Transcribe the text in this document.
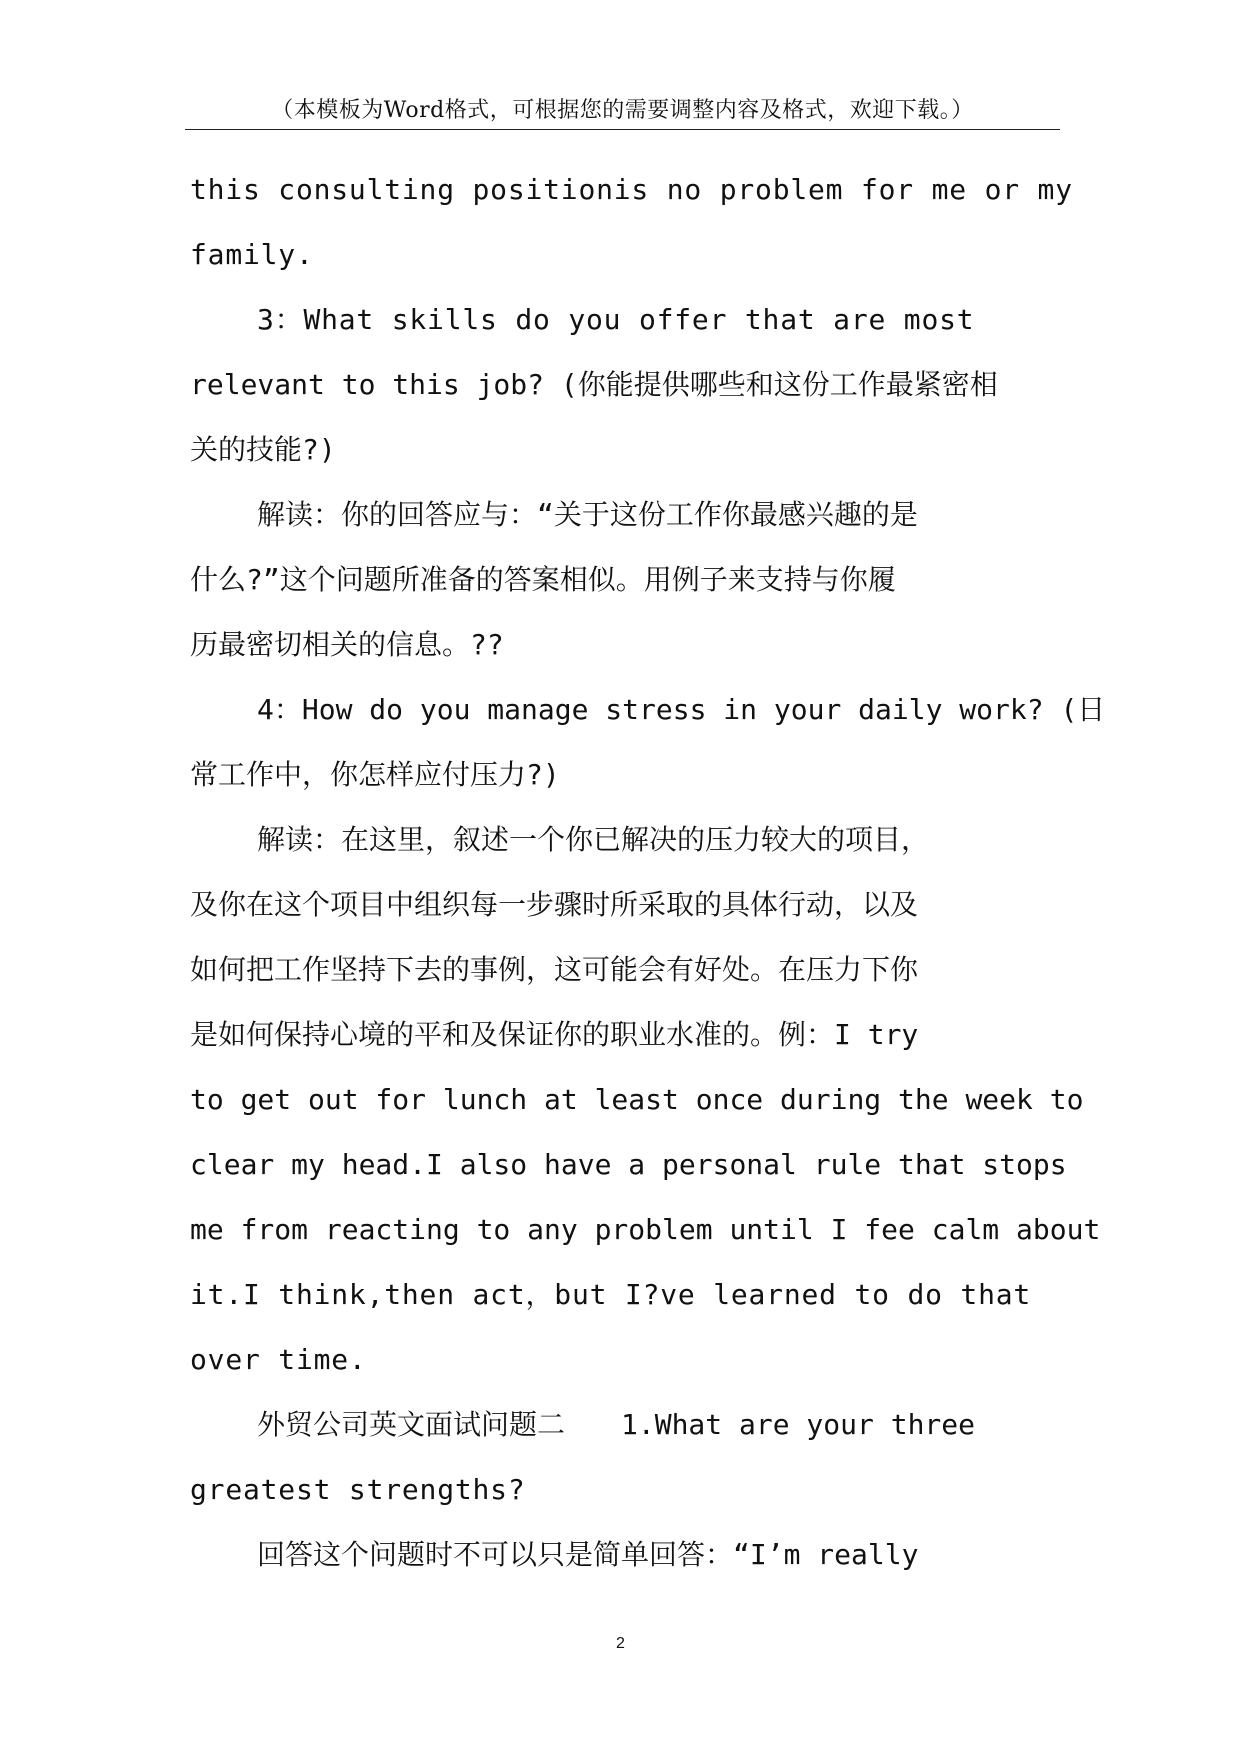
（本模板为Word格式，可根据您的需要调整内容及格式，欢迎下载。）
this consulting positionis no problem for me or my
family.
3：What skills do you offer that are most
relevant to this job? (你能提供哪些和这份工作最紧密相
关的技能?)
解读：你的回答应与：“关于这份工作你最感兴趣的是
什么?”这个问题所准备的答案相似。用例子来支持与你履
历最密切相关的信息。??
4：How do you manage stress in your daily work? (日
常工作中，你怎样应付压力?)
解读：在这里，叙述一个你已解决的压力较大的项目，
及你在这个项目中组织每一步骤时所采取的具体行动，以及
如何把工作坚持下去的事例，这可能会有好处。在压力下你
是如何保持心境的平和及保证你的职业水准的。例：I try
to get out for lunch at least once during the week to
clear my head.I also have a personal rule that stops
me from reacting to any problem until I fee calm about
it.I think,then act，but I?ve learned to do that
over time.
外贸公司英文面试问题二　　1.What are your three
greatest strengths?
回答这个问题时不可以只是简单回答：“I’m really
2
